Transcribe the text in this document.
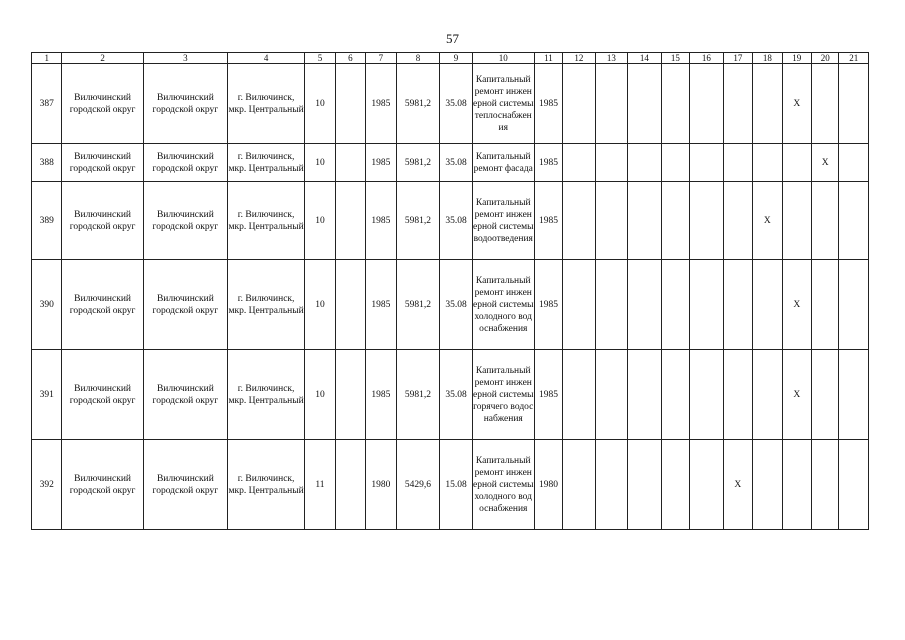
57
1	2	3	4	5	6	7	8	9	10	11	12	13	14	15	16	17	18	19	20	21
387	Вилючинский городской округ	Вилючинский городской округ	г. Вилючинск, мкр. Центральный	10		1985	5981,2	35.08	Капитальный ремонт инженерной системы теплоснабжения	1985								Х		
388	Вилючинский городской округ	Вилючинский городской округ	г. Вилючинск, мкр. Центральный	10		1985	5981,2	35.08	Капитальный ремонт фасада	1985									Х	
389	Вилючинский городской округ	Вилючинский городской округ	г. Вилючинск, мкр. Центральный	10		1985	5981,2	35.08	Капитальный ремонт инженерной системы водоотведения	1985							Х			
390	Вилючинский городской округ	Вилючинский городской округ	г. Вилючинск, мкр. Центральный	10		1985	5981,2	35.08	Капитальный ремонт инженерной системы холодного водоснабжения	1985								Х		
391	Вилючинский городской округ	Вилючинский городской округ	г. Вилючинск, мкр. Центральный	10		1985	5981,2	35.08	Капитальный ремонт инженерной системы горячего водоснабжения	1985								Х		
392	Вилючинский городской округ	Вилючинский городской округ	г. Вилючинск, мкр. Центральный	11		1980	5429,6	15.08	Капитальный ремонт инженерной системы холодного водоснабжения	1980						Х				
